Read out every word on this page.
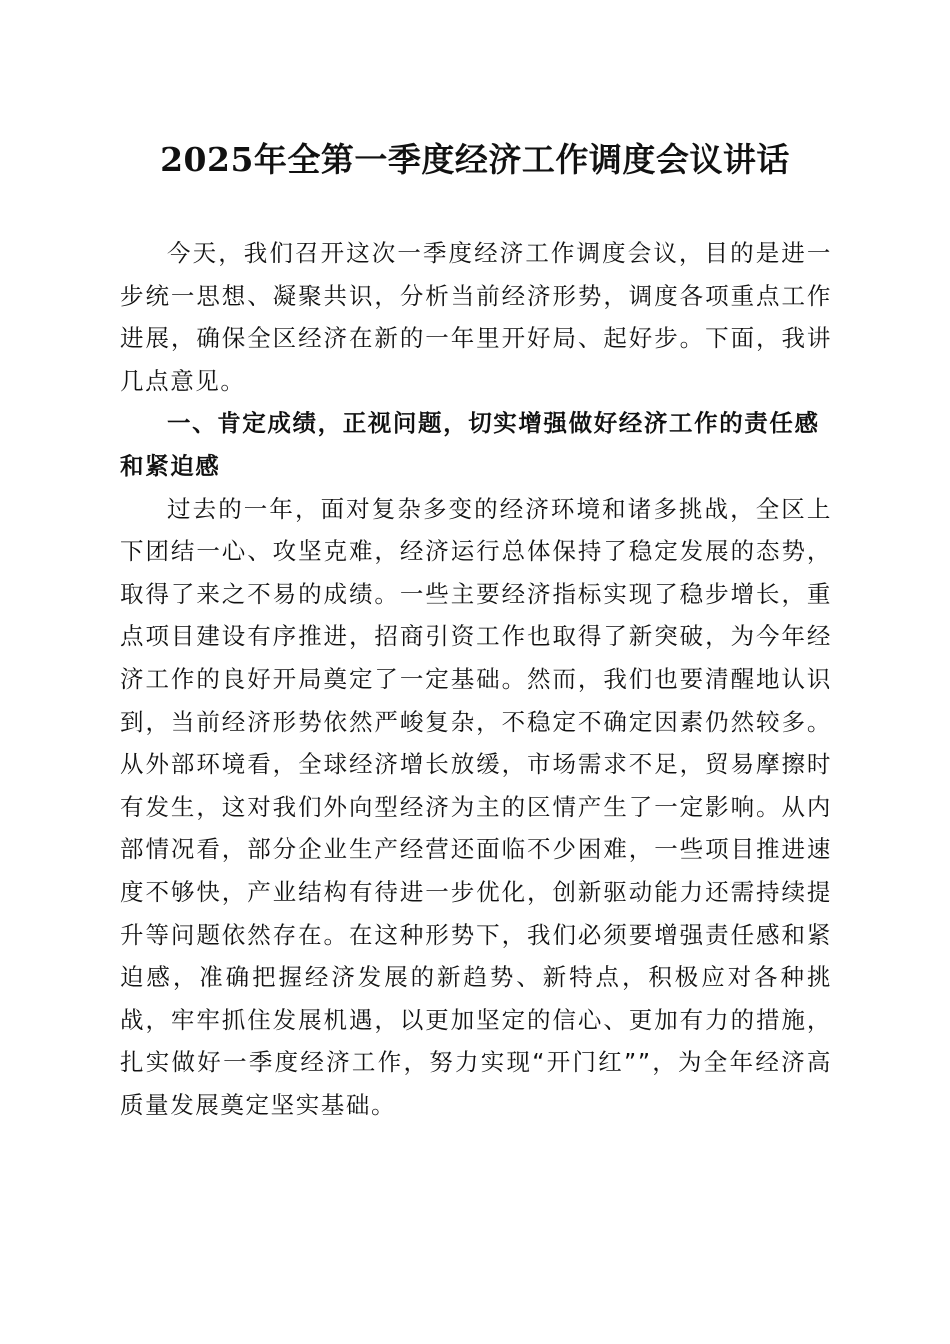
2025年全第一季度经济工作调度会议讲话

今天，我们召开这次一季度经济工作调度会议，目的是进一步统一思想、凝聚共识，分析当前经济形势，调度各项重点工作进展，确保全区经济在新的一年里开好局、起好步。下面，我讲几点意见。

一、肯定成绩，正视问题，切实增强做好经济工作的责任感和紧迫感

过去的一年，面对复杂多变的经济环境和诸多挑战，全区上下团结一心、攻坚克难，经济运行总体保持了稳定发展的态势，取得了来之不易的成绩。一些主要经济指标实现了稳步增长，重点项目建设有序推进，招商引资工作也取得了新突破，为今年经济工作的良好开局奠定了一定基础。然而，我们也要清醒地认识到，当前经济形势依然严峻复杂，不稳定不确定因素仍然较多。从外部环境看，全球经济增长放缓，市场需求不足，贸易摩擦时有发生，这对我们外向型经济为主的区情产生了一定影响。从内部情况看，部分企业生产经营还面临不少困难，一些项目推进速度不够快，产业结构有待进一步优化，创新驱动能力还需持续提升等问题依然存在。在这种形势下，我们必须要增强责任感和紧迫感，准确把握经济发展的新趋势、新特点，积极应对各种挑战，牢牢抓住发展机遇，以更加坚定的信心、更加有力的措施，扎实做好一季度经济工作，努力实现“开门红””，为全年经济高质量发展奠定坚实基础。
